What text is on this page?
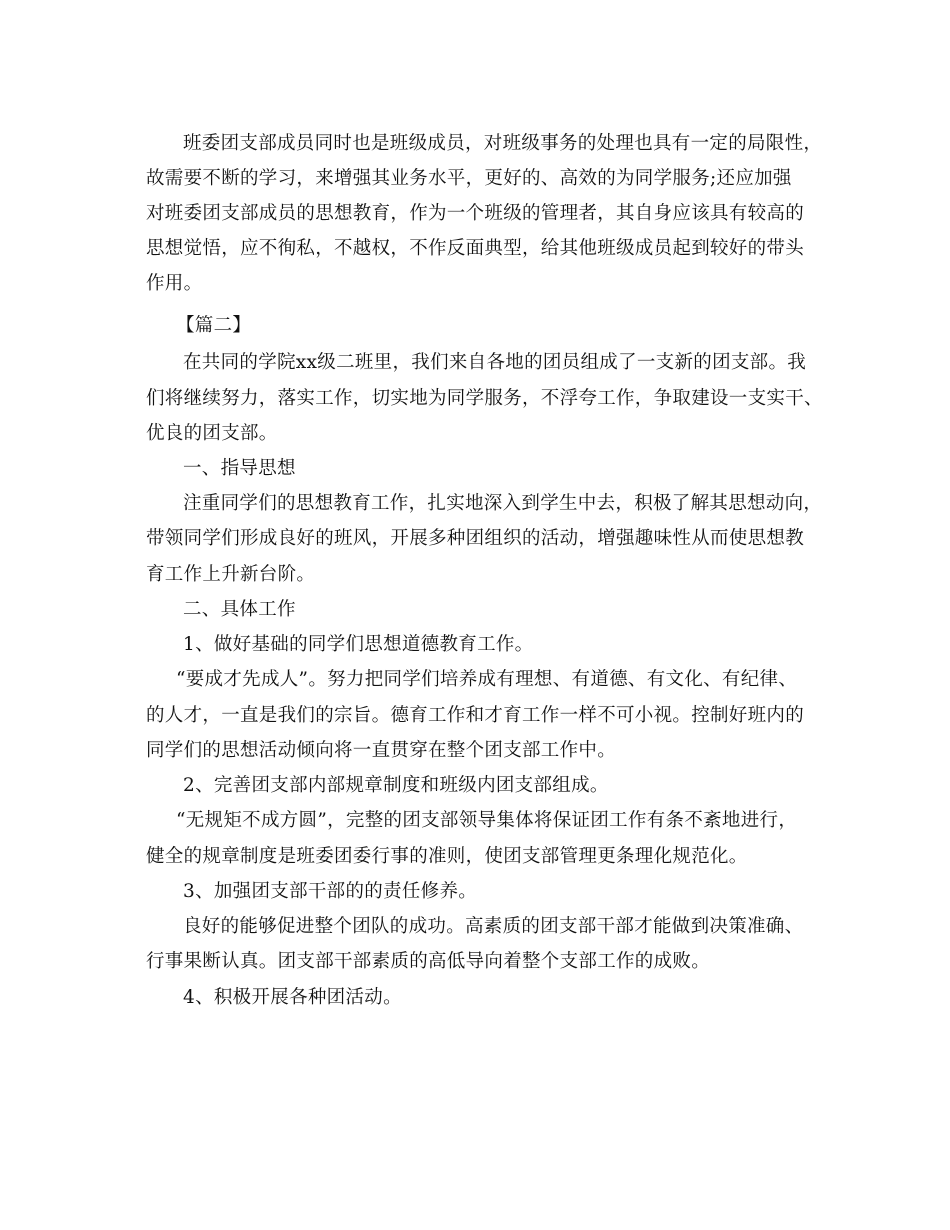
班委团支部成员同时也是班级成员，对班级事务的处理也具有一定的局限性，
故需要不断的学习，来增强其业务水平，更好的、高效的为同学服务;还应加强
对班委团支部成员的思想教育，作为一个班级的管理者，其自身应该具有较高的
思想觉悟，应不徇私，不越权，不作反面典型，给其他班级成员起到较好的带头
作用。
【篇二】
在共同的学院xx级二班里，我们来自各地的团员组成了一支新的团支部。我
们将继续努力，落实工作，切实地为同学服务，不浮夸工作，争取建设一支实干、
优良的团支部。
一、指导思想
注重同学们的思想教育工作，扎实地深入到学生中去，积极了解其思想动向，
带领同学们形成良好的班风，开展多种团组织的活动，增强趣味性从而使思想教
育工作上升新台阶。
二、具体工作
1、做好基础的同学们思想道德教育工作。
“要成才先成人”。努力把同学们培养成有理想、有道德、有文化、有纪律、
的人才，一直是我们的宗旨。德育工作和才育工作一样不可小视。控制好班内的
同学们的思想活动倾向将一直贯穿在整个团支部工作中。
2、完善团支部内部规章制度和班级内团支部组成。
“无规矩不成方圆”，完整的团支部领导集体将保证团工作有条不紊地进行，
健全的规章制度是班委团委行事的准则，使团支部管理更条理化规范化。
3、加强团支部干部的的责任修养。
良好的能够促进整个团队的成功。高素质的团支部干部才能做到决策准确、
行事果断认真。团支部干部素质的高低导向着整个支部工作的成败。
4、积极开展各种团活动。
